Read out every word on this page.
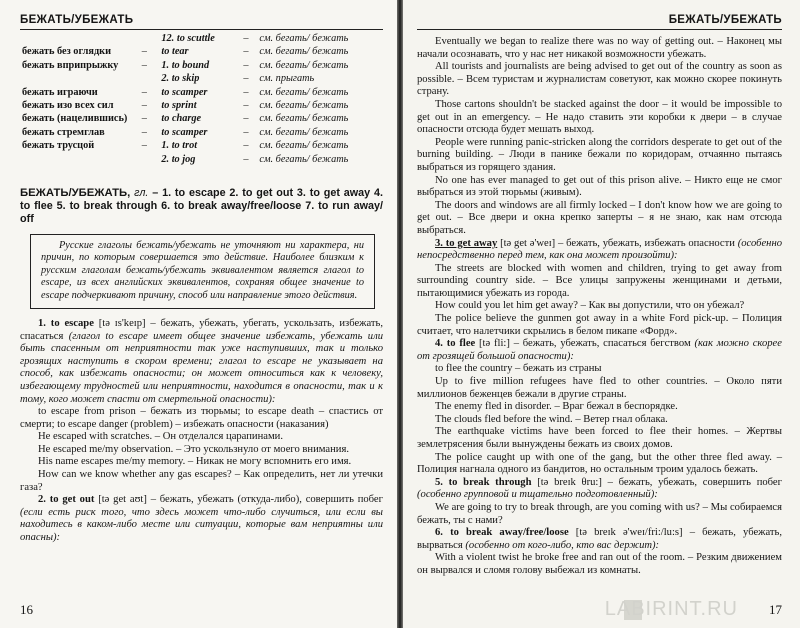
БЕЖАТЬ/УБЕЖАТЬ
		12. to scuttle	–	см. бегать/ бежать
бежать без оглядки	–	to tear	–	см. бегать/ бежать
бежать вприпрыжку	–	1. to bound	–	см. бегать/ бежать
		2. to skip	–	см. прыгать
бежать играючи	–	to scamper	–	см. бегать/ бежать
бежать изо всех сил	–	to sprint	–	см. бегать/ бежать
бежать (нацелившись)	–	to charge	–	см. бегать/ бежать
бежать стремглав	–	to scamper	–	см. бегать/ бежать
бежать трусцой	–	1. to trot	–	см. бегать/ бежать
		2. to jog	–	см. бегать/ бежать
БЕЖАТЬ/УБЕЖАТЬ, гл. – 1. to escape 2. to get out 3. to get away 4. to flee 5. to break through 6. to break away/free/loose 7. to run away/ off

Русские глаголы бежать/убежать не уточняют ни характера, ни причин, по которым совершается это действие. Наиболее близким к русским глаголам бежать/убежать эквивалентом является глагол to escape, из всех английских эквивалентов, сохраняя общее значение to escape подчеркивают причину, способ или направление этого действия.

1. to escape [tə ɪs'keɪp] – бежать, убежать, убегать, ускользать, избежать, спасаться (глагол to escape имеет общее значение избежать, убежать или быть спасенным от неприятности так уже наступивших, так и только грозящих наступить в скором времени; глагол to escape не указывает на способ, как избежать опасности; он может относиться как к человеку, избегающему трудностей или неприятности, находится в опасности, так и к тому, кого может спасти от смертельной опасности):

to escape from prison – бежать из тюрьмы; to escape death – спастись от смерти; to escape danger (problem) – избежать опасности (наказания)

He escaped with scratches. – Он отделался царапинами.

He escaped me/my observation. – Это ускользнуло от моего внимания.

His name escapes me/my memory. – Никак не могу вспомнить его имя.

How can we know whether any gas escapes? – Как определить, нет ли утечки газа?

2. to get out [tə get aʊt] – бежать, убежать (откуда-либо), совершить побег (если есть риск того, что здесь может что-либо случиться, или если вы находитесь в каком-либо месте или ситуации, которые вам неприятны или опасны):

16
БЕЖАТЬ/УБЕЖАТЬ

Eventually we began to realize there was no way of getting out. – Наконец мы начали осознавать, что у нас нет никакой возможности убежать.

All tourists and journalists are being advised to get out of the country as soon as possible. – Всем туристам и журналистам советуют, как можно скорее покинуть страну.

Those cartons shouldn't be stacked against the door – it would be impossible to get out in an emergency. – Не надо ставить эти коробки к двери – в случае опасности отсюда будет мешать выход.

People were running panic-stricken along the corridors desperate to get out of the burning building. – Люди в панике бежали по коридорам, отчаянно пытаясь выбраться из горящего здания.

No one has ever managed to get out of this prison alive. – Никто еще не смог выбраться из этой тюрьмы (живым).

The doors and windows are all firmly locked – I don't know how we are going to get out. – Все двери и окна крепко заперты – я не знаю, как нам отсюда выбраться.

3. to get away [tə get ə'weɪ] – бежать, убежать, избежать опасности (особенно непосредственно перед тем, как она может произойти):

The streets are blocked with women and children, trying to get away from surrounding country side. – Все улицы запружены женщинами и детьми, пытающимися убежать из города.

How could you let him get away? – Как вы допустили, что он убежал?

The police believe the gunmen got away in a white Ford pick-up. – Полиция считает, что налетчики скрылись в белом пикапе «Форд».

4. to flee [tə fli:] – бежать, убежать, спасаться бегством (как можно скорее от грозящей большой опасности):

to flee the country – бежать из страны

Up to five million refugees have fled to other countries. – Около пяти миллионов беженцев бежали в другие страны.

The enemy fled in disorder. – Враг бежал в беспорядке.

The clouds fled before the wind. – Ветер гнал облака.

The earthquake victims have been forced to flee their homes. – Жертвы землетрясения были вынуждены бежать из своих домов.

The police caught up with one of the gang, but the other three fled away. – Полиция нагнала одного из бандитов, но остальным троим удалось бежать.

5. to break through [tə breɪk θru:] – бежать, убежать, совершить побег (особенно групповой и тщательно подготовленный):

We are going to try to break through, are you coming with us? – Мы собираемся бежать, ты с нами?

6. to break away/free/loose [tə breɪk ə'weɪ/fri:/lu:s] – бежать, убежать, вырваться (особенно от кого-либо, кто вас держит):

With a violent twist he broke free and ran out of the room. – Резким движением он вырвался и сломя голову выбежал из комнаты.

LABIRINT.RU 17
